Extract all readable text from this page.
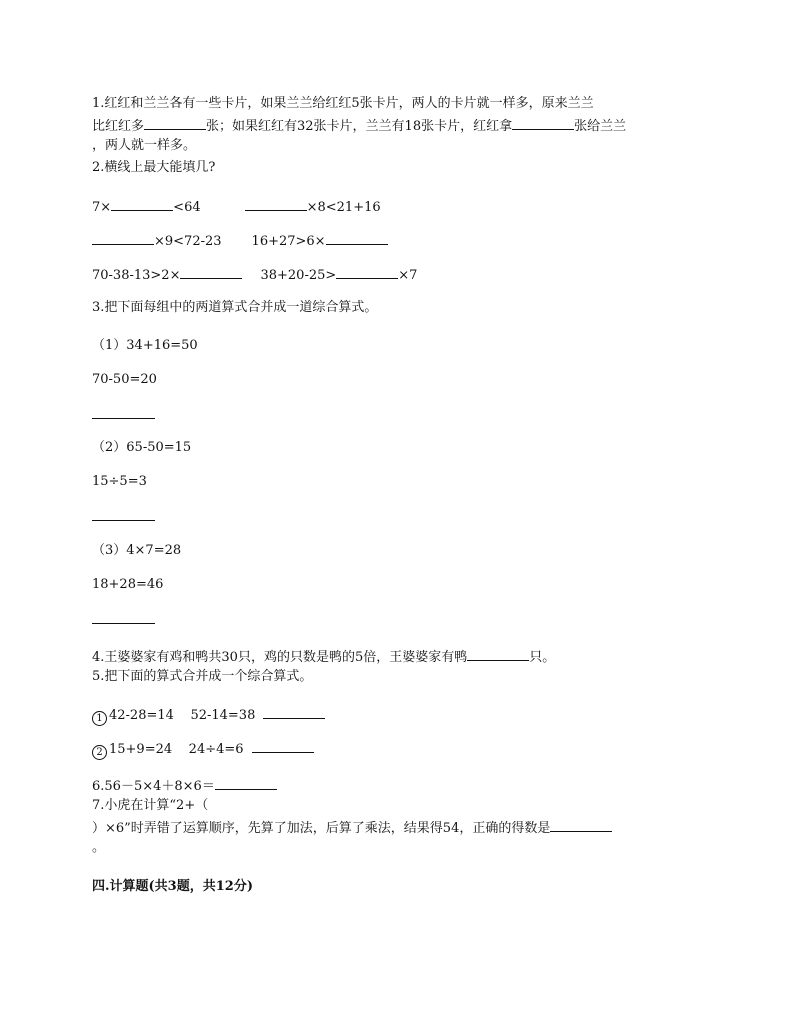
1.红红和兰兰各有一些卡片，如果兰兰给红红5张卡片，两人的卡片就一样多，原来兰兰
比红红多	张；如果红红有32张卡片，兰兰有18张卡片，红红拿	张给兰兰
，两人就一样多。
2.横线上最大能填几?
7×	<64	×8<21+16
×9<72-23 16+27>6×
70-38-13>2×	38+20-25>	×7
3.把下面每组中的两道算式合并成一道综合算式。
（1）34+16=50
70-50=20
（2）65-50=15
15÷5=3
（3）4×7=28
18+28=46
4.王婆婆家有鸡和鸭共30只，鸡的只数是鸭的5倍，王婆婆家有鸭	只。
5.把下面的算式合并成一个综合算式。
1 42-28=14    52-14=38
2 15+9=24    24÷4=6
6.56－5×4＋8×6＝
7.小虎在计算“2+（
）×6”时弄错了运算顺序，先算了加法，后算了乘法，结果得54，正确的得数是
。
四.计算题(共3题，共12分)
